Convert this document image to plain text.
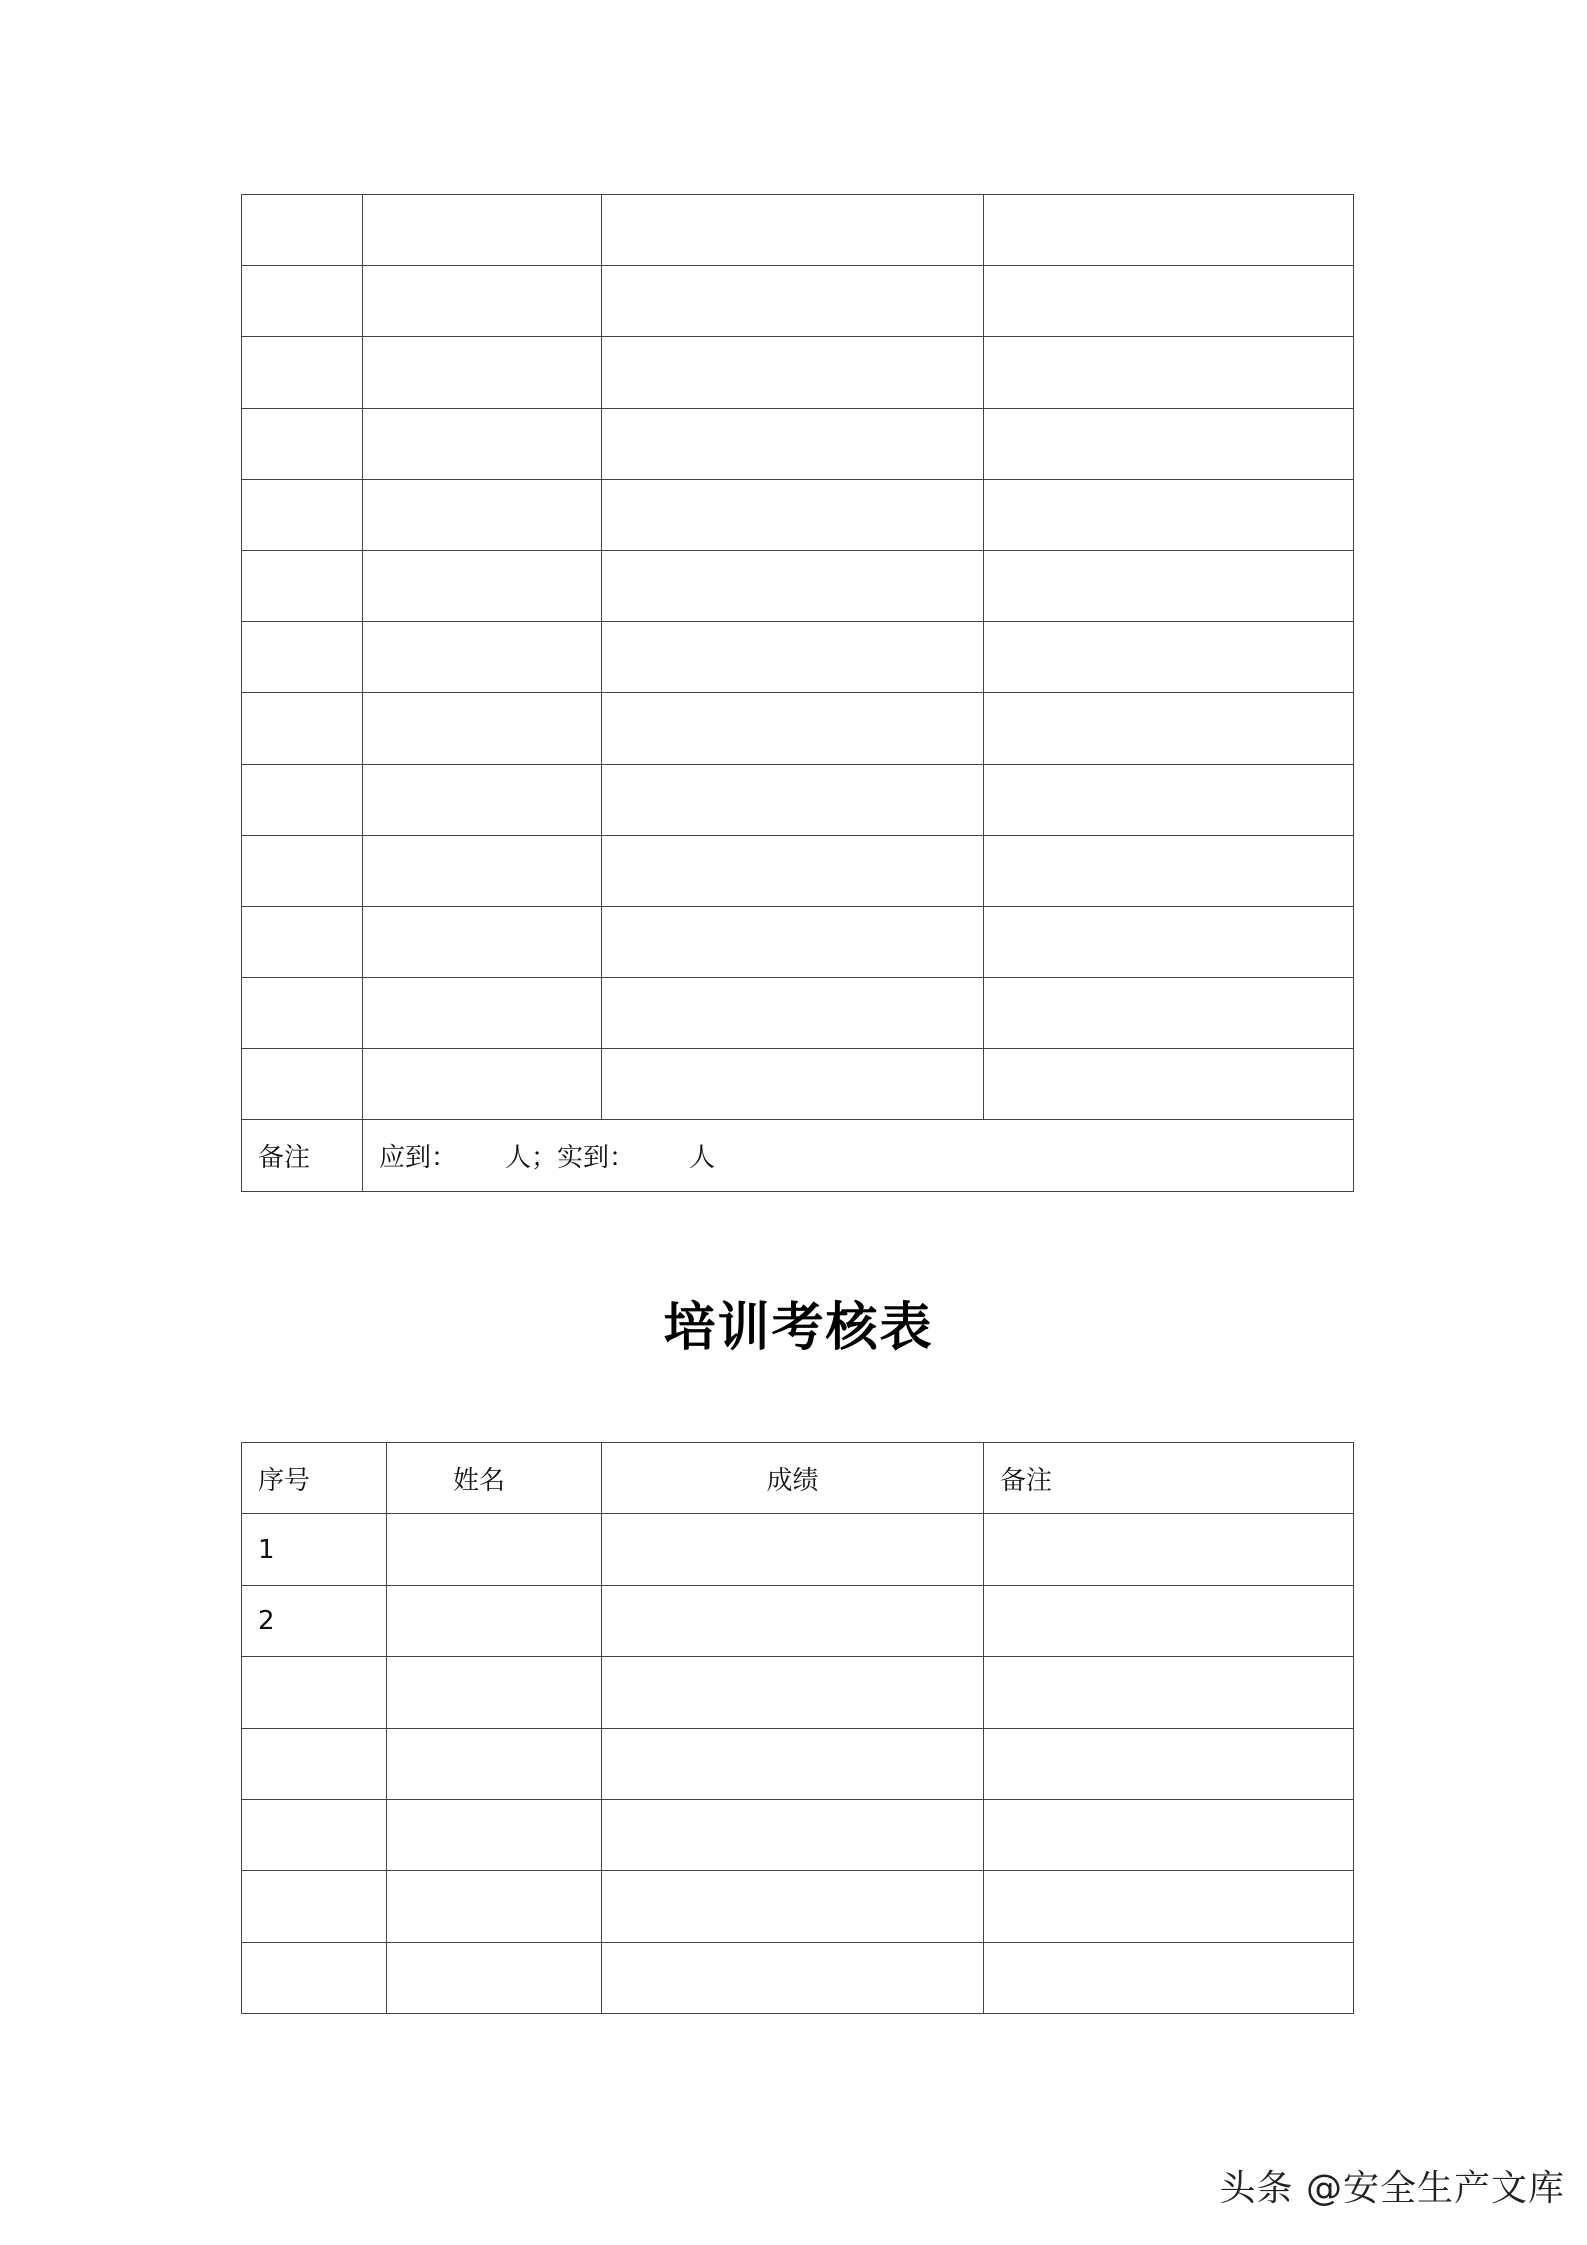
备注	应到： 人；实到： 人		
培训考核表
序号	姓名	成绩	备注
1			
2			

头条 @安全生产文库
